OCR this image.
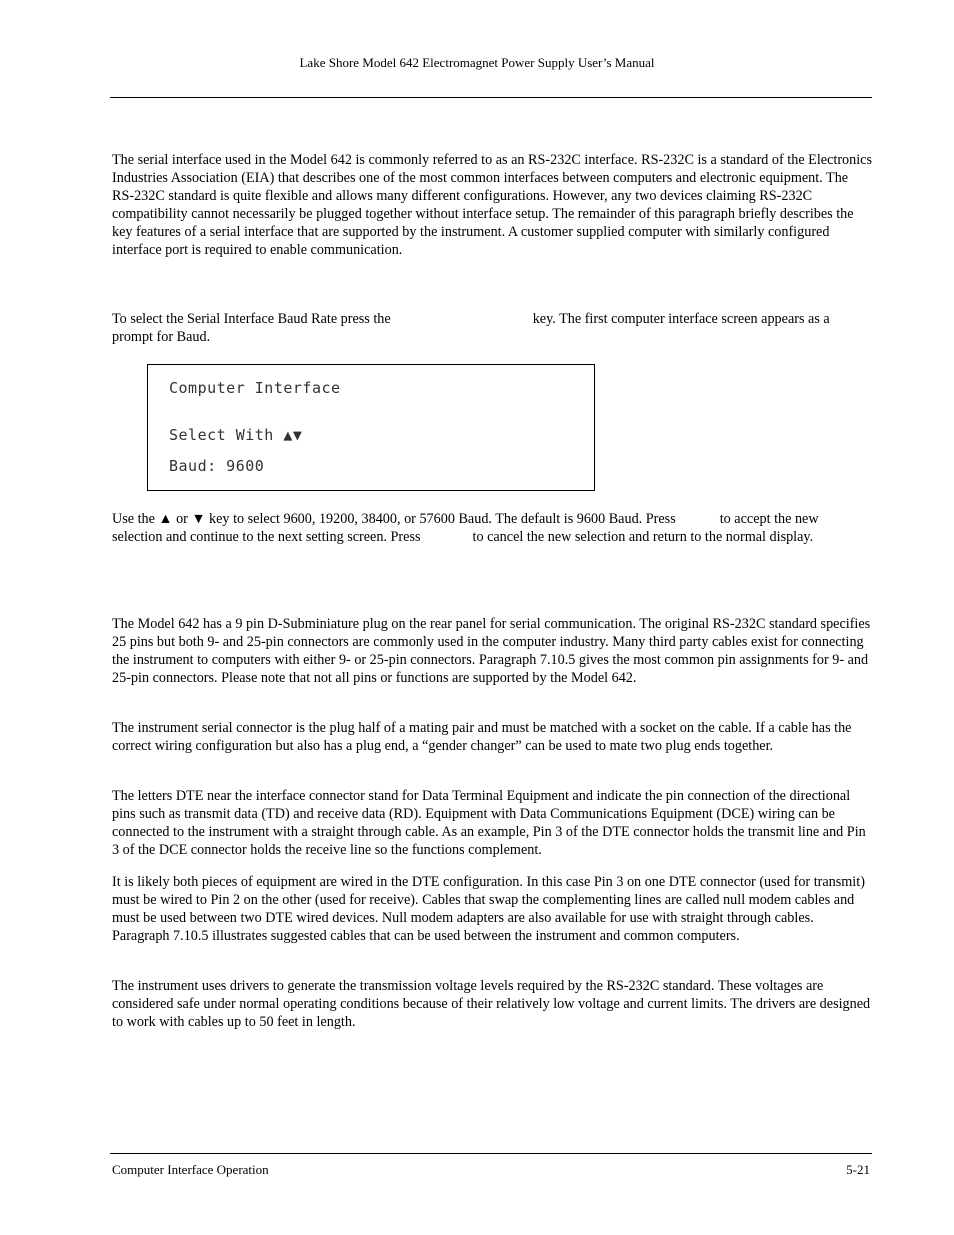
Lake Shore Model 642 Electromagnet Power Supply User’s Manual

The serial interface used in the Model 642 is commonly referred to as an RS-232C interface. RS-232C is a standard of the Electronics Industries Association (EIA) that describes one of the most common interfaces between computers and electronic equipment. The RS-232C standard is quite flexible and allows many different configurations. However, any two devices claiming RS-232C compatibility cannot necessarily be plugged together without interface setup. The remainder of this paragraph briefly describes the key features of a serial interface that are supported by the instrument. A customer supplied computer with similarly configured interface port is required to enable communication.

To select the Serial Interface Baud Rate press the	key. The first computer interface screen appears as a prompt for Baud.

Computer Interface
Select With ▲▼
Baud: 9600

Use the ▲ or ▼ key to select 9600, 19200, 38400, or 57600 Baud. The default is 9600 Baud. Press	to accept the new selection and continue to the next setting screen. Press	to cancel the new selection and return to the normal display.

The Model 642 has a 9 pin D-Subminiature plug on the rear panel for serial communication. The original RS-232C standard specifies 25 pins but both 9- and 25-pin connectors are commonly used in the computer industry. Many third party cables exist for connecting the instrument to computers with either 9- or 25-pin connectors. Paragraph 7.10.5 gives the most common pin assignments for 9- and 25-pin connectors. Please note that not all pins or functions are supported by the Model 642.

The instrument serial connector is the plug half of a mating pair and must be matched with a socket on the cable. If a cable has the correct wiring configuration but also has a plug end, a “gender changer” can be used to mate two plug ends together.

The letters DTE near the interface connector stand for Data Terminal Equipment and indicate the pin connection of the directional pins such as transmit data (TD) and receive data (RD). Equipment with Data Communications Equipment (DCE) wiring can be connected to the instrument with a straight through cable. As an example, Pin 3 of the DTE connector holds the transmit line and Pin 3 of the DCE connector holds the receive line so the functions complement.

It is likely both pieces of equipment are wired in the DTE configuration. In this case Pin 3 on one DTE connector (used for transmit) must be wired to Pin 2 on the other (used for receive). Cables that swap the complementing lines are called null modem cables and must be used between two DTE wired devices. Null modem adapters are also available for use with straight through cables. Paragraph 7.10.5 illustrates suggested cables that can be used between the instrument and common computers.

The instrument uses drivers to generate the transmission voltage levels required by the RS-232C standard. These voltages are considered safe under normal operating conditions because of their relatively low voltage and current limits. The drivers are designed to work with cables up to 50 feet in length.

Computer Interface Operation	5-21
